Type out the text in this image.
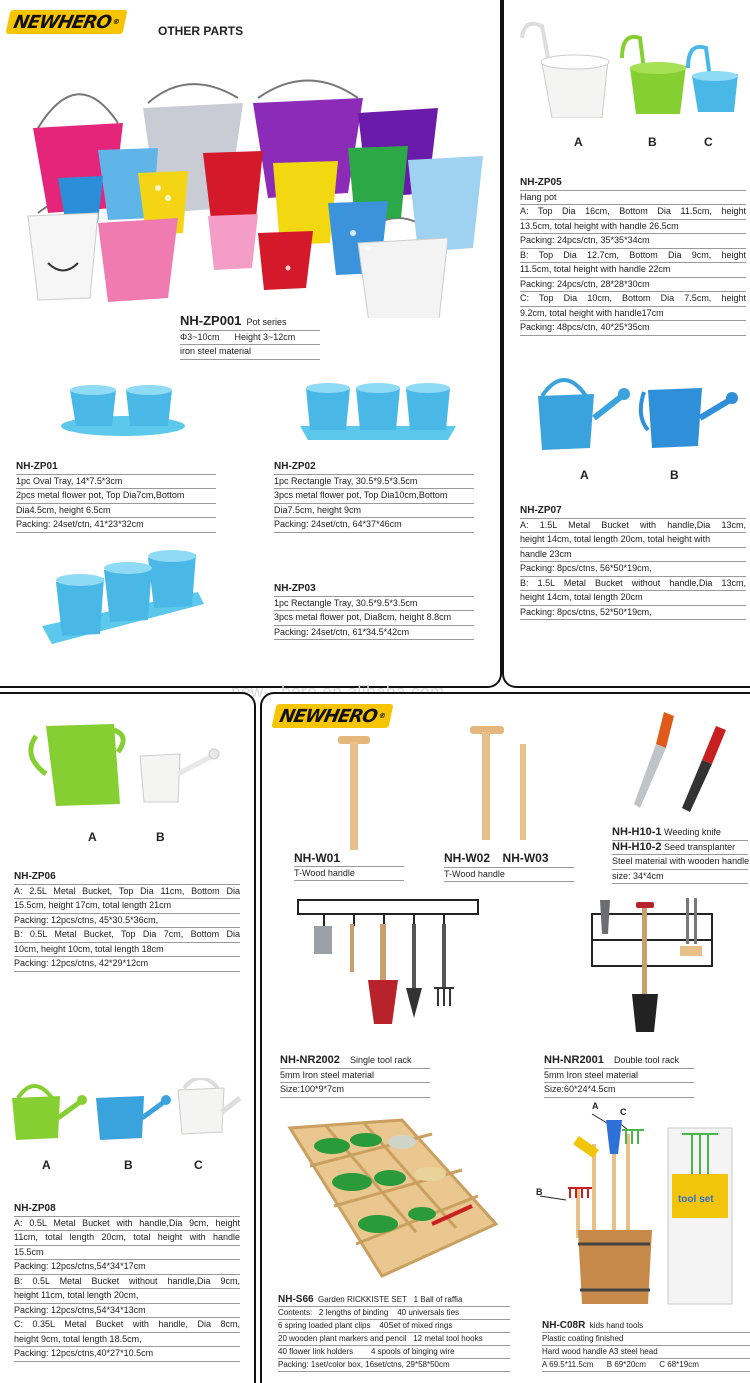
NEWHERO
®
OTHER PARTS
NH-ZP001 Pot series
Φ3~10cm Height 3~12cm
iron steel material
NH-ZP01
1pc Oval Tray, 14*7.5*3cm
2pcs metal flower pot, Top Dia7cm,Bottom
Dia4.5cm, height 6.5cm
Packing: 24set/ctn, 41*23*32cm
NH-ZP02
1pc Rectangle Tray, 30.5*9.5*3.5cm
3pcs metal flower pot, Top Dia10cm,Bottom
Dia7.5cm, height 9cm
Packing: 24set/ctn, 64*37*46cm
NH-ZP03
1pc Rectangle Tray, 30.5*9.5*3.5cm
3pcs metal flower pot, Dia8cm, height 8.8cm
Packing: 24set/ctn, 61*34.5*42cm
A	B	C
NH-ZP05
Hang pot
A: Top Dia 16cm, Bottom Dia 11.5cm, height
13.5cm, total height with handle 26.5cm
Packing: 24pcs/ctn, 35*35*34cm
B: Top Dia 12.7cm, Bottom Dia 9cm, height
11.5cm, total height with handle 22cm
Packing: 24pcs/ctn, 28*28*30cm
C: Top Dia 10cm, Bottom Dia 7.5cm, height
9.2cm, total height with handle17cm
Packing: 48pcs/ctn, 40*25*35cm
A	B
NH-ZP07
A: 1.5L Metal Bucket with handle,Dia 13cm,
height 14cm, total length 20cm, total height with
handle 23cm
Packing: 8pcs/ctns, 56*50*19cm,
B: 1.5L Metal Bucket without handle,Dia 13cm,
height 14cm, total length 20cm
Packing: 8pcs/ctns, 52*50*19cm,
A	B
NH-ZP06
A: 2.5L Metal Bucket, Top Dia 11cm, Bottom Dia
15.5cm, height 17cm, total length 21cm
Packing: 12pcs/ctns, 45*30.5*36cm,
B: 0.5L Metal Bucket, Top Dia 7cm, Bottom Dia
10cm, height 10cm, total length 18cm
Packing: 12pcs/ctns, 42*29*12cm
A	B	C
NH-ZP08
A: 0.5L Metal Bucket with handle,Dia 9cm, height
11cm, total length 20cm, total height with handle
15.5cm
Packing: 12pcs/ctns,54*34*17cm
B: 0.5L Metal Bucket without handle,Dia 9cm,
height 11cm, total length 20cm,
Packing: 12pcs/ctns,54*34*13cm
C: 0.35L Metal Bucket with handle, Dia 8cm,
height 9cm, total length 18.5cm,
Packing: 12pcs/ctns,40*27*10.5cm
NEWHERO
®
NH-W01
T-Wood handle
NH-W02 NH-W03
T-Wood handle
NH-H10-1 Weeding knife
NH-H10-2 Seed transplanter
Steel material with wooden handle
size: 34*4cm
NH-NR2002 Single tool rack
5mm Iron steel material
Size:100*9*7cm
NH-NR2001 Double tool rack
5mm Iron steel material
Size:60*24*4.5cm
NH-S66 Garden RICKKISTE SET 1 Ball of raffia
Contents: 2 lengths of binding 40 universals ties
6 spring loaded plant clips 40Set of mixed rings
20 wooden plant markers and pencil 12 metal tool hooks
40 flower link holders 4 spools of binging wire
Packing: 1set/color box, 16set/ctns, 29*58*50cm
tool set
A
C
B
NH-C08R kids hand tools
Plastic coating finished
Hard wood handle A3 steel head
A 69.5*11.5cm B 69*20cm C 68*19cm
